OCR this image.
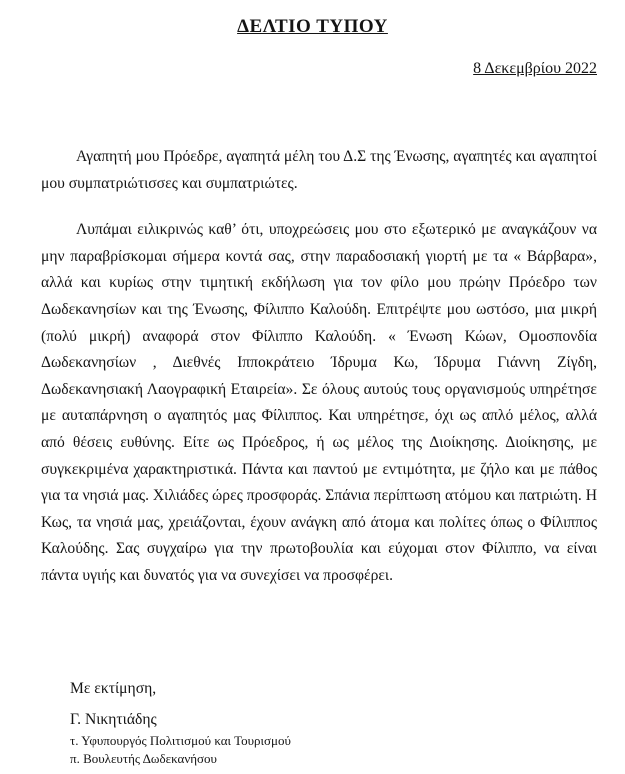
ΔΕΛΤΙΟ ΤΥΠΟΥ
8 Δεκεμβρίου 2022

Αγαπητή μου Πρόεδρε, αγαπητά μέλη του Δ.Σ της Ένωσης, αγαπητές και αγαπητοί μου συμπατριώτισσες και συμπατριώτες.

Λυπάμαι ειλικρινώς καθ’ ότι, υποχρεώσεις μου στο εξωτερικό με αναγκάζουν να μην παραβρίσκομαι σήμερα κοντά σας, στην παραδοσιακή γιορτή με τα « Βάρβαρα», αλλά και κυρίως στην τιμητική εκδήλωση για τον φίλο μου πρώην Πρόεδρο των Δωδεκανησίων και της Ένωσης, Φίλιππο Καλούδη. Επιτρέψτε μου ωστόσο, μια μικρή (πολύ μικρή) αναφορά στον Φίλιππο Καλούδη. « Ένωση Κώων, Ομοσπονδία Δωδεκανησίων , Διεθνές Ιπποκράτειο Ίδρυμα Κω, Ίδρυμα Γιάννη Ζίγδη, Δωδεκανησιακή Λαογραφική Εταιρεία». Σε όλους αυτούς τους οργανισμούς υπηρέτησε με αυταπάρνηση ο αγαπητός μας Φίλιππος. Και υπηρέτησε, όχι ως απλό μέλος, αλλά από θέσεις ευθύνης. Είτε ως Πρόεδρος, ή ως μέλος της Διοίκησης. Διοίκησης, με συγκεκριμένα χαρακτηριστικά. Πάντα και παντού με εντιμότητα, με ζήλο και με πάθος για τα νησιά μας. Χιλιάδες ώρες προσφοράς. Σπάνια περίπτωση ατόμου και πατριώτη. Η Κως, τα νησιά μας, χρειάζονται, έχουν ανάγκη από άτομα και πολίτες όπως ο Φίλιππος Καλούδης. Σας συγχαίρω για την πρωτοβουλία και εύχομαι στον Φίλιππο, να είναι πάντα υγιής και δυνατός για να συνεχίσει να προσφέρει.

Με εκτίμηση,
Γ. Νικητιάδης
τ. Υφυπουργός Πολιτισμού και Τουρισμού
π. Βουλευτής Δωδεκανήσου
